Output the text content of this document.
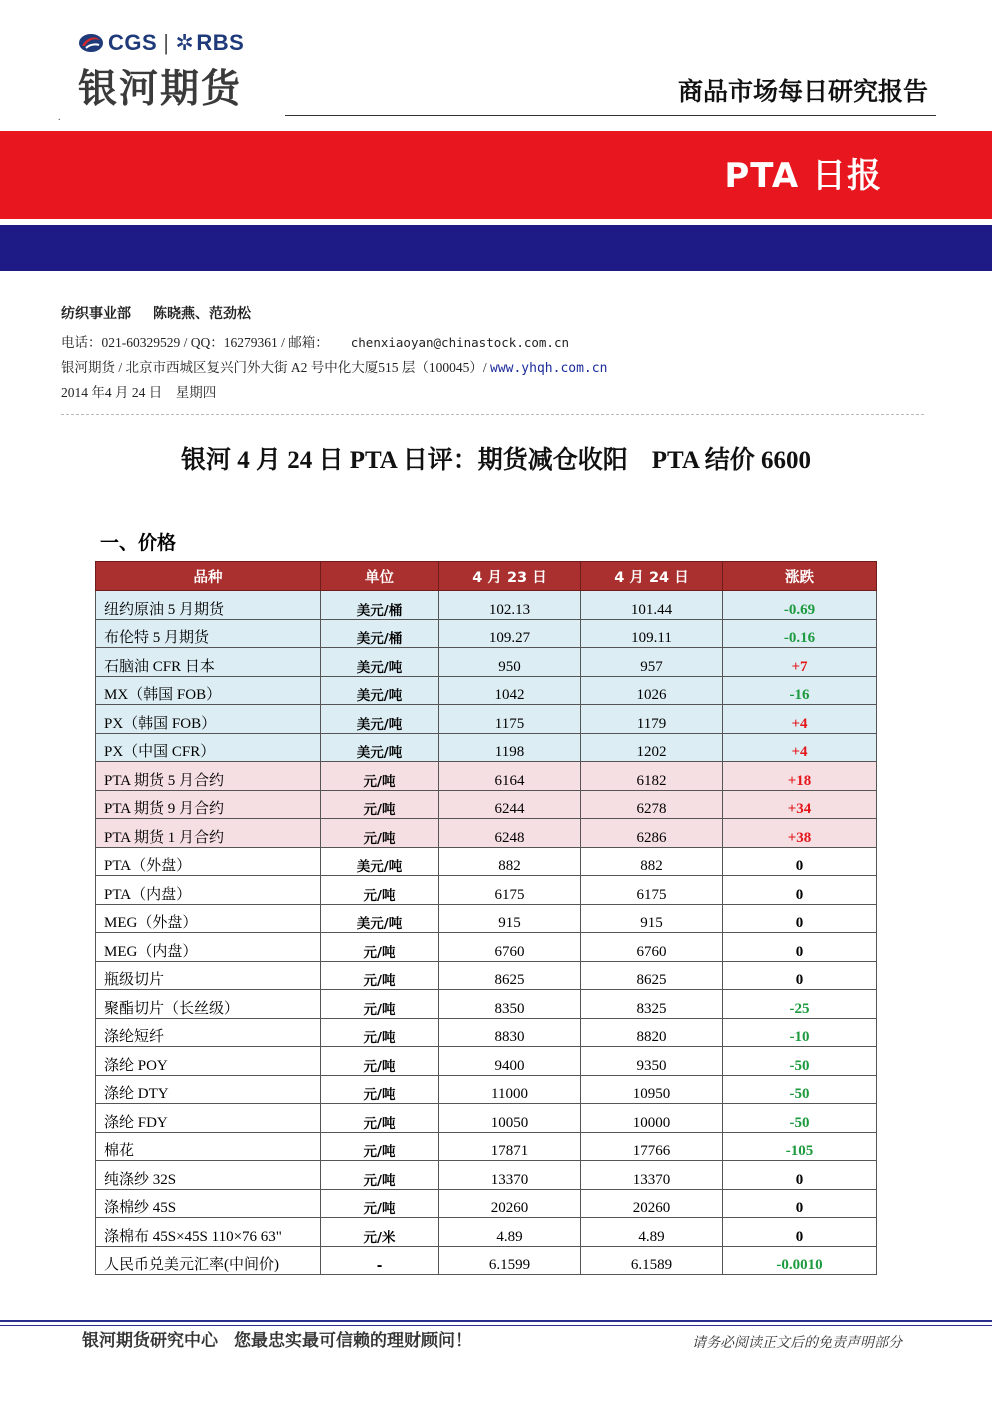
CGS | ✲ RBS
银河期货
.
商品市场每日研究报告
PTA 日报
纺织事业部 陈晓燕、范劲松
电话：021-60329529 / QQ：16279361 / 邮箱： chenxiaoyan@chinastock.com.cn
银河期货 / 北京市西城区复兴门外大街 A2 号中化大厦515 层（100045）/ www.yhqh.com.cn
2014 年4 月 24 日　星期四
银河 4 月 24 日 PTA 日评：期货减仓收阳 PTA 结价 6600
一、价格
品种	单位	4 月 23 日	4 月 24 日	涨跌
纽约原油 5 月期货	美元/桶	102.13	101.44	-0.69
布伦特 5 月期货	美元/桶	109.27	109.11	-0.16
石脑油 CFR 日本	美元/吨	950	957	+7
MX（韩国 FOB）	美元/吨	1042	1026	-16
PX（韩国 FOB）	美元/吨	1175	1179	+4
PX（中国 CFR）	美元/吨	1198	1202	+4
PTA 期货 5 月合约	元/吨	6164	6182	+18
PTA 期货 9 月合约	元/吨	6244	6278	+34
PTA 期货 1 月合约	元/吨	6248	6286	+38
PTA（外盘）	美元/吨	882	882	0
PTA（内盘）	元/吨	6175	6175	0
MEG（外盘）	美元/吨	915	915	0
MEG（内盘）	元/吨	6760	6760	0
瓶级切片	元/吨	8625	8625	0
聚酯切片（长丝级）	元/吨	8350	8325	-25
涤纶短纤	元/吨	8830	8820	-10
涤纶 POY	元/吨	9400	9350	-50
涤纶 DTY	元/吨	11000	10950	-50
涤纶 FDY	元/吨	10050	10000	-50
棉花	元/吨	17871	17766	-105
纯涤纱 32S	元/吨	13370	13370	0
涤棉纱 45S	元/吨	20260	20260	0
涤棉布 45S×45S 110×76 63"	元/米	4.89	4.89	0
人民币兑美元汇率(中间价)	-	6.1599	6.1589	-0.0010
银河期货研究中心 您最忠实最可信赖的理财顾问！	请务必阅读正文后的免责声明部分
